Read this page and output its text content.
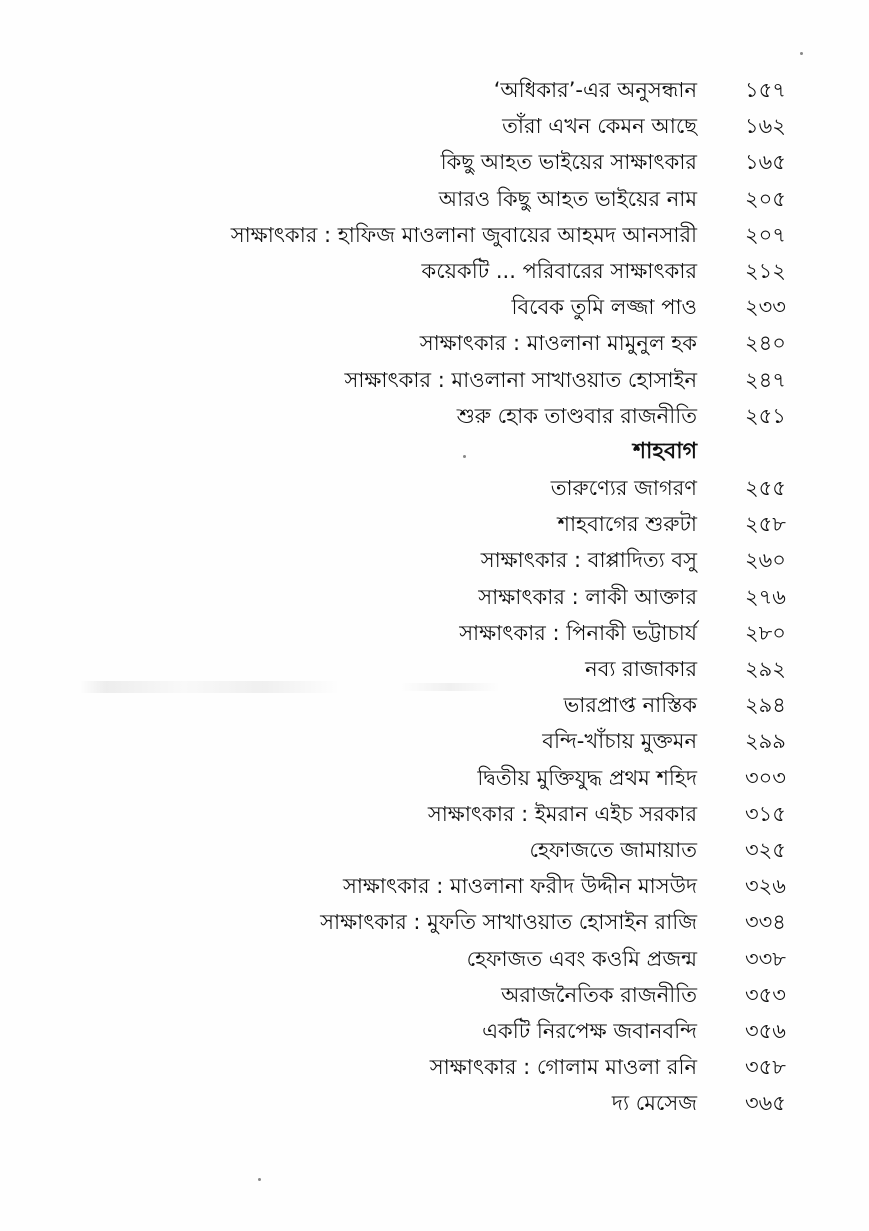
‘অধিকার’-এর অনুসন্ধান ১৫৭
তাঁরা এখন কেমন আছে ১৬২
কিছু আহত ভাইয়ের সাক্ষাৎকার ১৬৫
আরও কিছু আহত ভাইয়ের নাম ২০৫
সাক্ষাৎকার : হাফিজ মাওলানা জুবায়ের আহমদ আনসারী ২০৭
কয়েকটি ... পরিবারের সাক্ষাৎকার ২১২
বিবেক তুমি লজ্জা পাও ২৩৩
সাক্ষাৎকার : মাওলানা মামুনুল হক ২৪০
সাক্ষাৎকার : মাওলানা সাখাওয়াত হোসাইন ২৪৭
শুরু হোক তাণ্ডবার রাজনীতি ২৫১
শাহবাগ
তারুণ্যের জাগরণ ২৫৫
শাহবাগের শুরুটা ২৫৮
সাক্ষাৎকার : বাপ্পাদিত্য বসু ২৬০
সাক্ষাৎকার : লাকী আক্তার ২৭৬
সাক্ষাৎকার : পিনাকী ভট্টাচার্য ২৮০
নব্য রাজাকার ২৯২
ভারপ্রাপ্ত নাস্তিক ২৯৪
বন্দি-খাঁচায় মুক্তমন ২৯৯
দ্বিতীয় মুক্তিযুদ্ধ প্রথম শহিদ ৩০৩
সাক্ষাৎকার : ইমরান এইচ সরকার ৩১৫
হেফাজতে জামায়াত ৩২৫
সাক্ষাৎকার : মাওলানা ফরীদ উদ্দীন মাসউদ ৩২৬
সাক্ষাৎকার : মুফতি সাখাওয়াত হোসাইন রাজি ৩৩৪
হেফাজত এবং কওমি প্রজন্ম ৩৩৮
অরাজনৈতিক রাজনীতি ৩৫৩
একটি নিরপেক্ষ জবানবন্দি ৩৫৬
সাক্ষাৎকার : গোলাম মাওলা রনি ৩৫৮
দ্য মেসেজ ৩৬৫
